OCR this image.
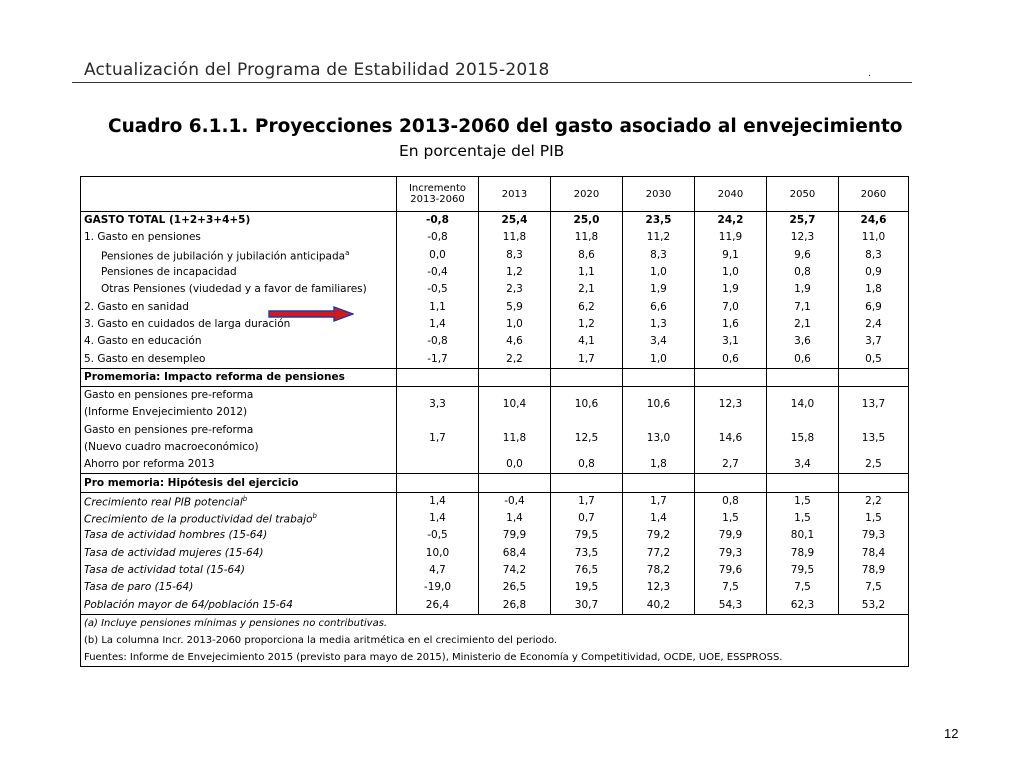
Actualización del Programa de Estabilidad 2015-2018	.
Cuadro 6.1.1. Proyecciones 2013-2060 del gasto asociado al envejecimiento
En porcentaje del PIB
	Incremento
2013-2060	2013	2020	2030	2040	2050	2060
GASTO TOTAL (1+2+3+4+5)	-0,8	25,4	25,0	23,5	24,2	25,7	24,6
1. Gasto en pensiones	-0,8	11,8	11,8	11,2	11,9	12,3	11,0
Pensiones de jubilación y jubilación anticipada$^a$	0,0	8,3	8,6	8,3	9,1	9,6	8,3
Pensiones de incapacidad	-0,4	1,2	1,1	1,0	1,0	0,8	0,9
Otras Pensiones (viudedad y a favor de familiares)	-0,5	2,3	2,1	1,9	1,9	1,9	1,8
2. Gasto en sanidad	1,1	5,9	6,2	6,6	7,0	7,1	6,9
3. Gasto en cuidados de larga duración	1,4	1,0	1,2	1,3	1,6	2,1	2,4
4. Gasto en educación	-0,8	4,6	4,1	3,4	3,1	3,6	3,7
5. Gasto en desempleo	-1,7	2,2	1,7	1,0	0,6	0,6	0,5
Promemoria: Impacto reforma de pensiones							
Gasto en pensiones pre-reforma	3,3	10,4	10,6	10,6	12,3	14,0	13,7
(Informe Envejecimiento 2012)							
Gasto en pensiones pre-reforma	1,7	11,8	12,5	13,0	14,6	15,8	13,5
(Nuevo cuadro macroeconómico)							
Ahorro por reforma 2013		0,0	0,8	1,8	2,7	3,4	2,5
Pro memoria: Hipótesis del ejercicio							
Crecimiento real PIB potencial$^b$	1,4	-0,4	1,7	1,7	0,8	1,5	2,2
Crecimiento de la productividad del trabajo$^b$	1,4	1,4	0,7	1,4	1,5	1,5	1,5
Tasa de actividad hombres (15-64)	-0,5	79,9	79,5	79,2	79,9	80,1	79,3
Tasa de actividad mujeres (15-64)	10,0	68,4	73,5	77,2	79,3	78,9	78,4
Tasa de actividad total (15-64)	4,7	74,2	76,5	78,2	79,6	79,5	78,9
Tasa de paro (15-64)	-19,0	26,5	19,5	12,3	7,5	7,5	7,5
Población mayor de 64/población 15-64	26,4	26,8	30,7	40,2	54,3	62,3	53,2
(a) Incluye pensiones mínimas y pensiones no contributivas.							
(b) La columna Incr. 2013-2060 proporciona la media aritmética en el crecimiento del periodo.							
Fuentes: Informe de Envejecimiento 2015 (previsto para mayo de 2015), Ministerio de Economía y Competitividad, OCDE, UOE, ESSPROSS.							
12
